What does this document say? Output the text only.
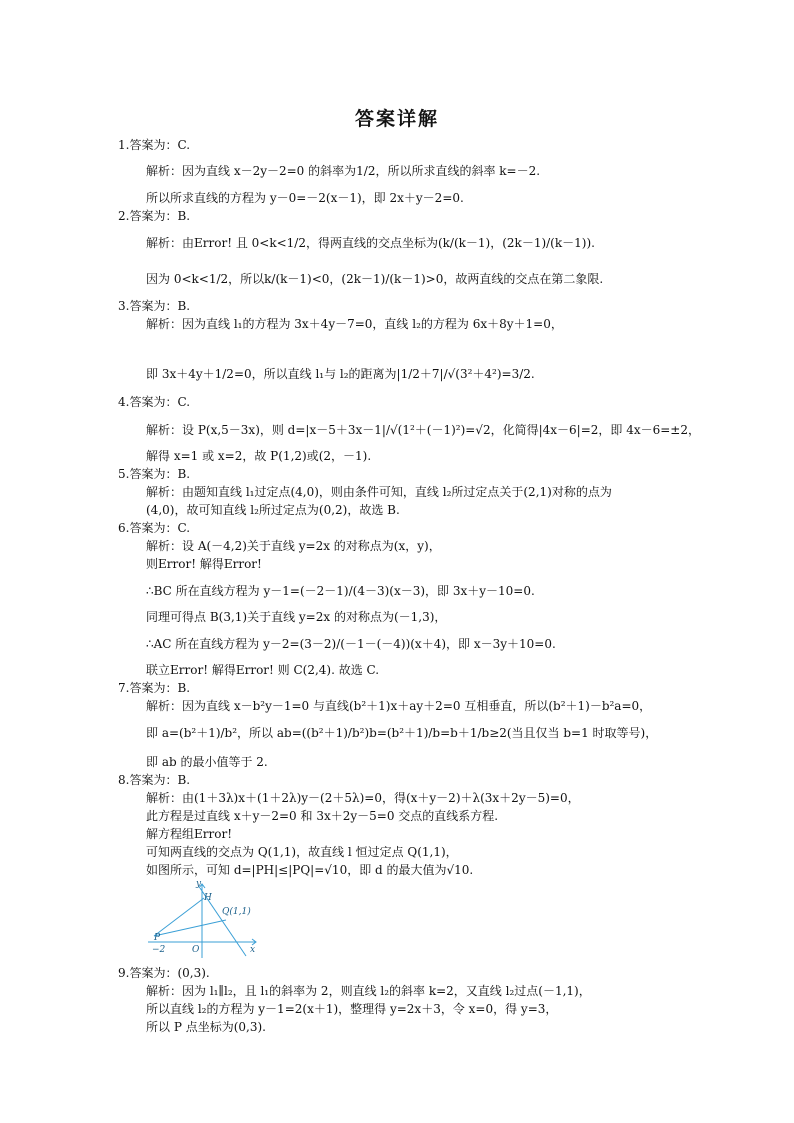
答案详解
1.答案为：C.
解析：因为直线 x－2y－2=0 的斜率为1/2，所以所求直线的斜率 k=－2.
所以所求直线的方程为 y－0=－2(x－1)，即 2x＋y－2=0.
2.答案为：B.
解析：由Error! 且 0<k<1/2，得两直线的交点坐标为(k/(k－1)，(2k－1)/(k－1)).
因为 0<k<1/2，所以k/(k－1)<0，(2k－1)/(k－1)>0，故两直线的交点在第二象限.
3.答案为：B.
解析：因为直线 l₁的方程为 3x＋4y－7=0，直线 l₂的方程为 6x＋8y＋1=0，
即 3x＋4y＋1/2=0，所以直线 l₁与 l₂的距离为|1/2＋7|/√(3²＋4²)=3/2.
4.答案为：C.
解析：设 P(x,5－3x)，则 d=|x－5＋3x－1|/√(1²＋(－1)²)=√2，化简得|4x－6|=2，即 4x－6=±2，
解得 x=1 或 x=2，故 P(1,2)或(2，－1).
5.答案为：B.
解析：由题知直线 l₁过定点(4,0)，则由条件可知，直线 l₂所过定点关于(2,1)对称的点为
(4,0)，故可知直线 l₂所过定点为(0,2)，故选 B.
6.答案为：C.
解析：设 A(－4,2)关于直线 y=2x 的对称点为(x，y)，
则Error! 解得Error!
∴BC 所在直线方程为 y－1=(－2－1)/(4－3)(x－3)，即 3x＋y－10=0.
同理可得点 B(3,1)关于直线 y=2x 的对称点为(－1,3)，
∴AC 所在直线方程为 y－2=(3－2)/(－1－(－4))(x＋4)，即 x－3y＋10=0.
联立Error! 解得Error! 则 C(2,4). 故选 C.
7.答案为：B.
解析：因为直线 x－b²y－1=0 与直线(b²＋1)x＋ay＋2=0 互相垂直，所以(b²＋1)－b²a=0，
即 a=(b²＋1)/b²，所以 ab=((b²＋1)/b²)b=(b²＋1)/b=b＋1/b≥2(当且仅当 b=1 时取等号)，
即 ab 的最小值等于 2.
8.答案为：B.
解析：由(1＋3λ)x＋(1＋2λ)y－(2＋5λ)=0，得(x＋y－2)＋λ(3x＋2y－5)=0，
此方程是过直线 x＋y－2=0 和 3x＋2y－5=0 交点的直线系方程.
解方程组Error!
可知两直线的交点为 Q(1,1)，故直线 l 恒过定点 Q(1,1)，
如图所示，可知 d=|PH|≤|PQ|=√10，即 d 的最大值为√10.
y
H
Q(1,1)
P
−2	O	x
9.答案为：(0,3).
解析：因为 l₁∥l₂，且 l₁的斜率为 2，则直线 l₂的斜率 k=2，又直线 l₂过点(－1,1)，
所以直线 l₂的方程为 y－1=2(x＋1)，整理得 y=2x＋3，令 x=0，得 y=3，
所以 P 点坐标为(0,3).
